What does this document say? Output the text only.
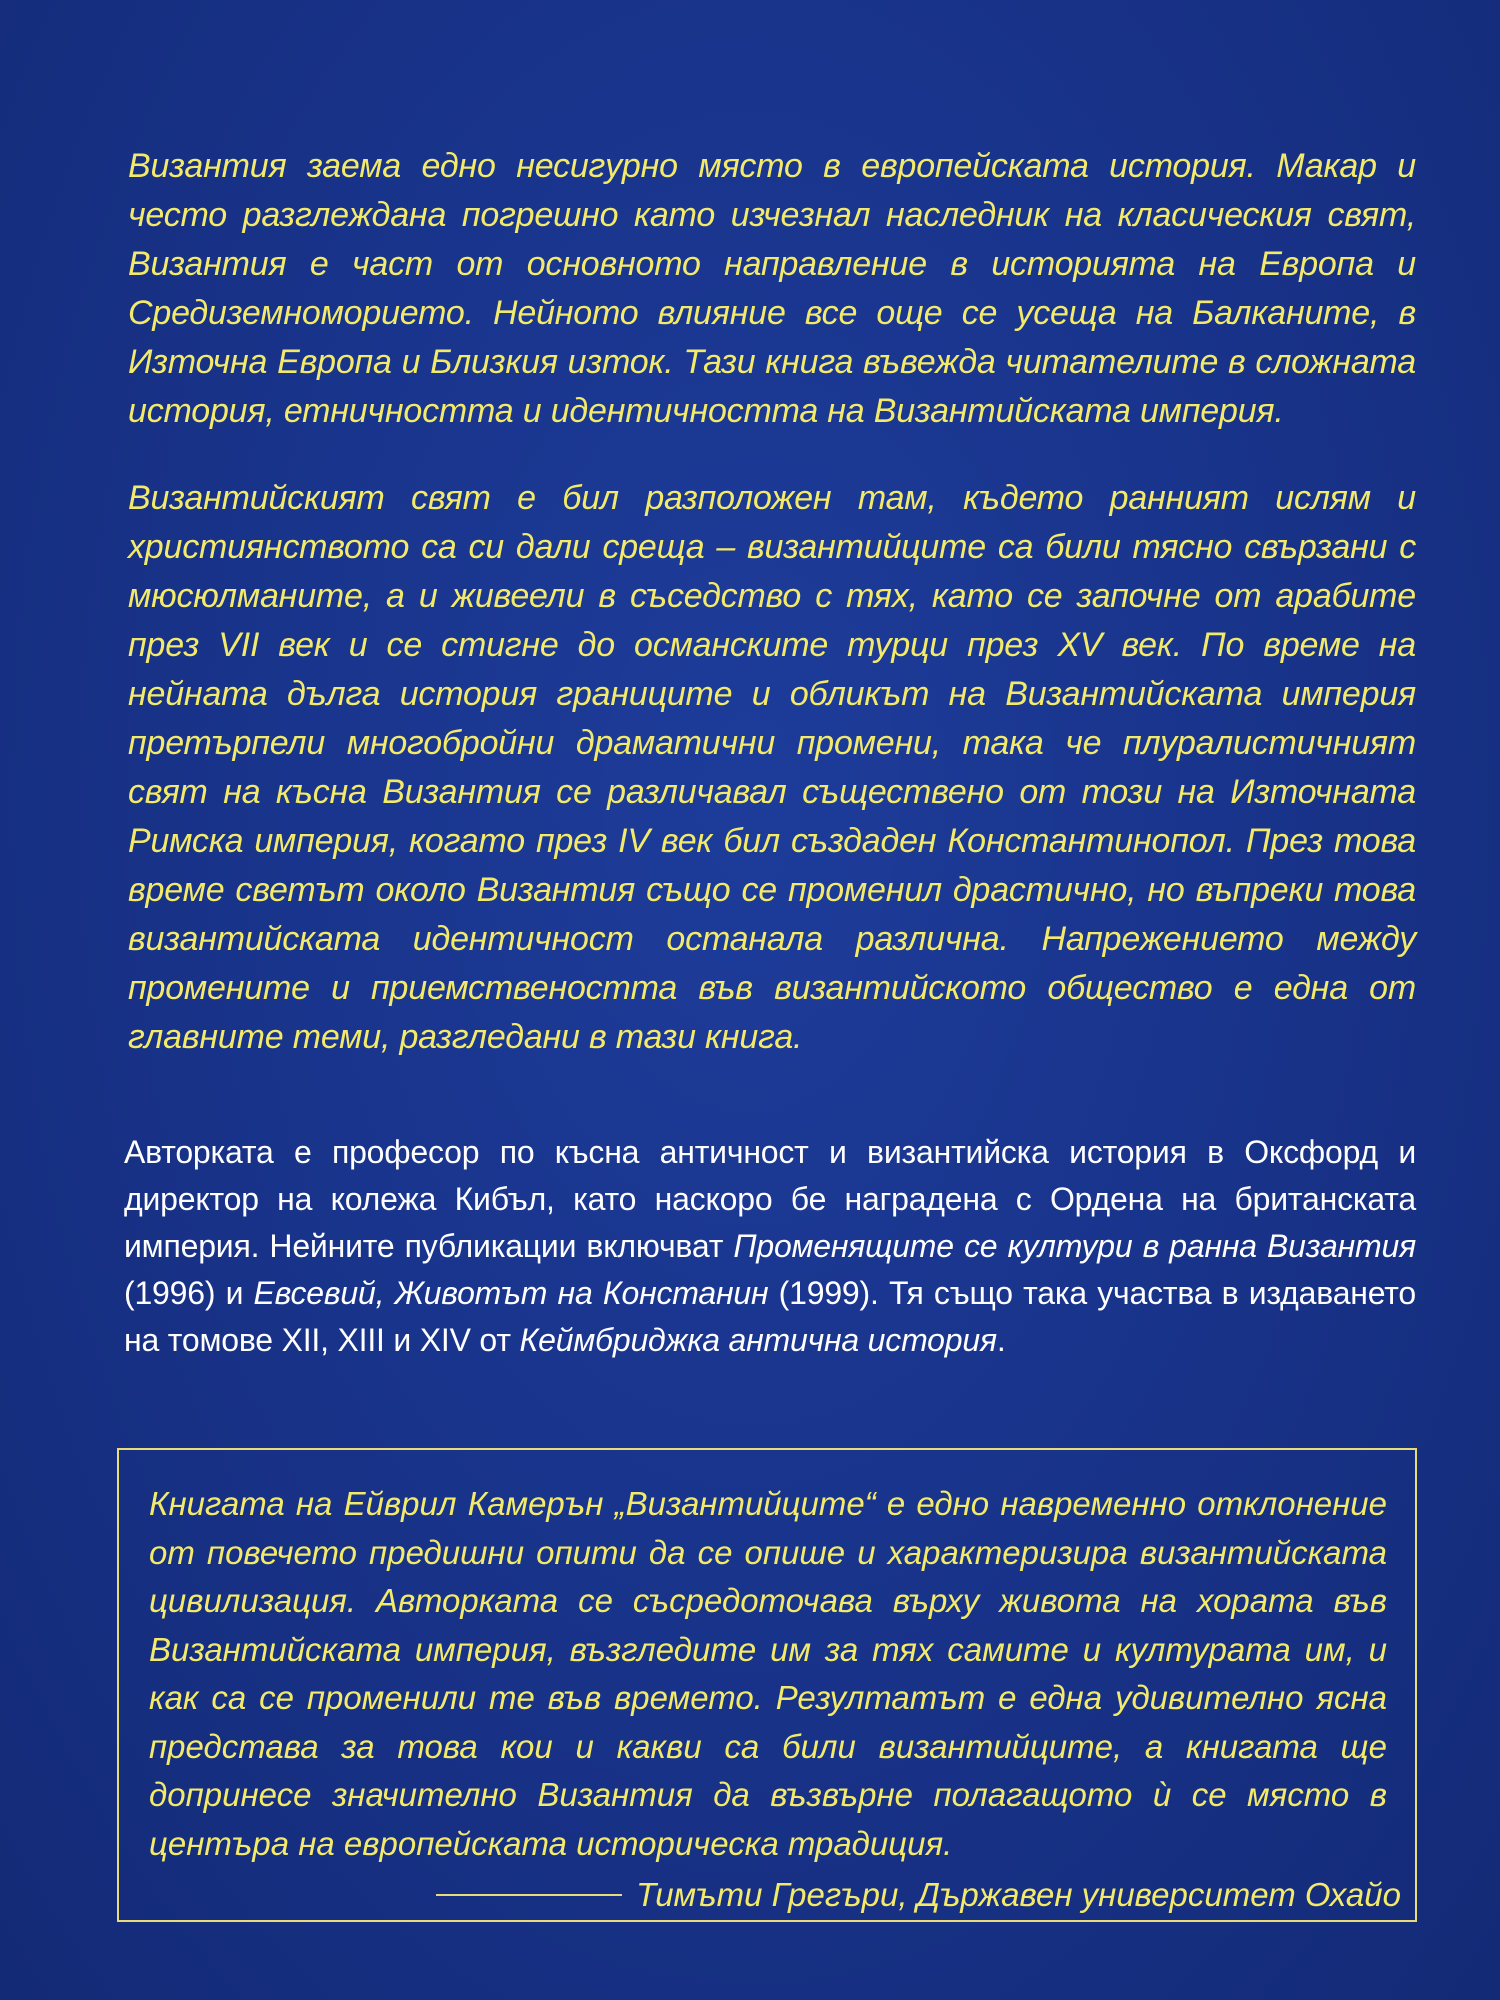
Византия заема едно несигурно място в европейската история. Макар и често разглеждана погрешно като изчезнал наследник на класическия свят, Византия е част от основното направление в историята на Европа и Средиземноморието. Нейното влияние все още се усеща на Балканите, в Източна Европа и Близкия изток. Тази книга въвежда читателите в сложната история, етничността и идентичността на Византийската империя.

Византийският свят е бил разположен там, където ранният ислям и християнството са си дали среща – византийците са били тясно свързани с мюсюлманите, а и живеели в съседство с тях, като се започне от арабите през VII век и се стигне до османските турци през XV век. По време на нейната дълга история границите и обликът на Византийската империя претърпели многобройни драматични промени, така че плуралистичният свят на късна Византия се различавал съществено от този на Източната Римска империя, когато през IV век бил създаден Константинопол. През това време светът около Византия също се променил драстично, но въпреки това византийската идентичност останала различна. Напрежението между промените и приемствеността във византийското общество е една от главните теми, разгледани в тази книга.

Авторката е професор по късна античност и византийска история в Оксфорд и директор на колежа Кибъл, като наскоро бе наградена с Ордена на британската империя. Нейните публикации включват Променящите се култури в ранна Византия (1996) и Евсевий, Животът на Констанин (1999). Тя също така участва в издаването на томове XII, XIII и XIV от Кеймбриджка антична история.

Книгата на Ейврил Камерън „Византийците“ е едно навременно отклонение от повечето предишни опити да се опише и характеризира византийската цивилизация. Авторката се съсредоточава върху живота на хората във Византийската империя, възгледите им за тях самите и културата им, и как са се променили те във времето. Резултатът е една удивително ясна представа за това кои и какви са били византийците, а книгата ще допринесе значително Византия да възвърне полагащото ѝ се място в центъра на европейската историческа традиция.

Тимъти Грегъри, Държавен университет Охайо
